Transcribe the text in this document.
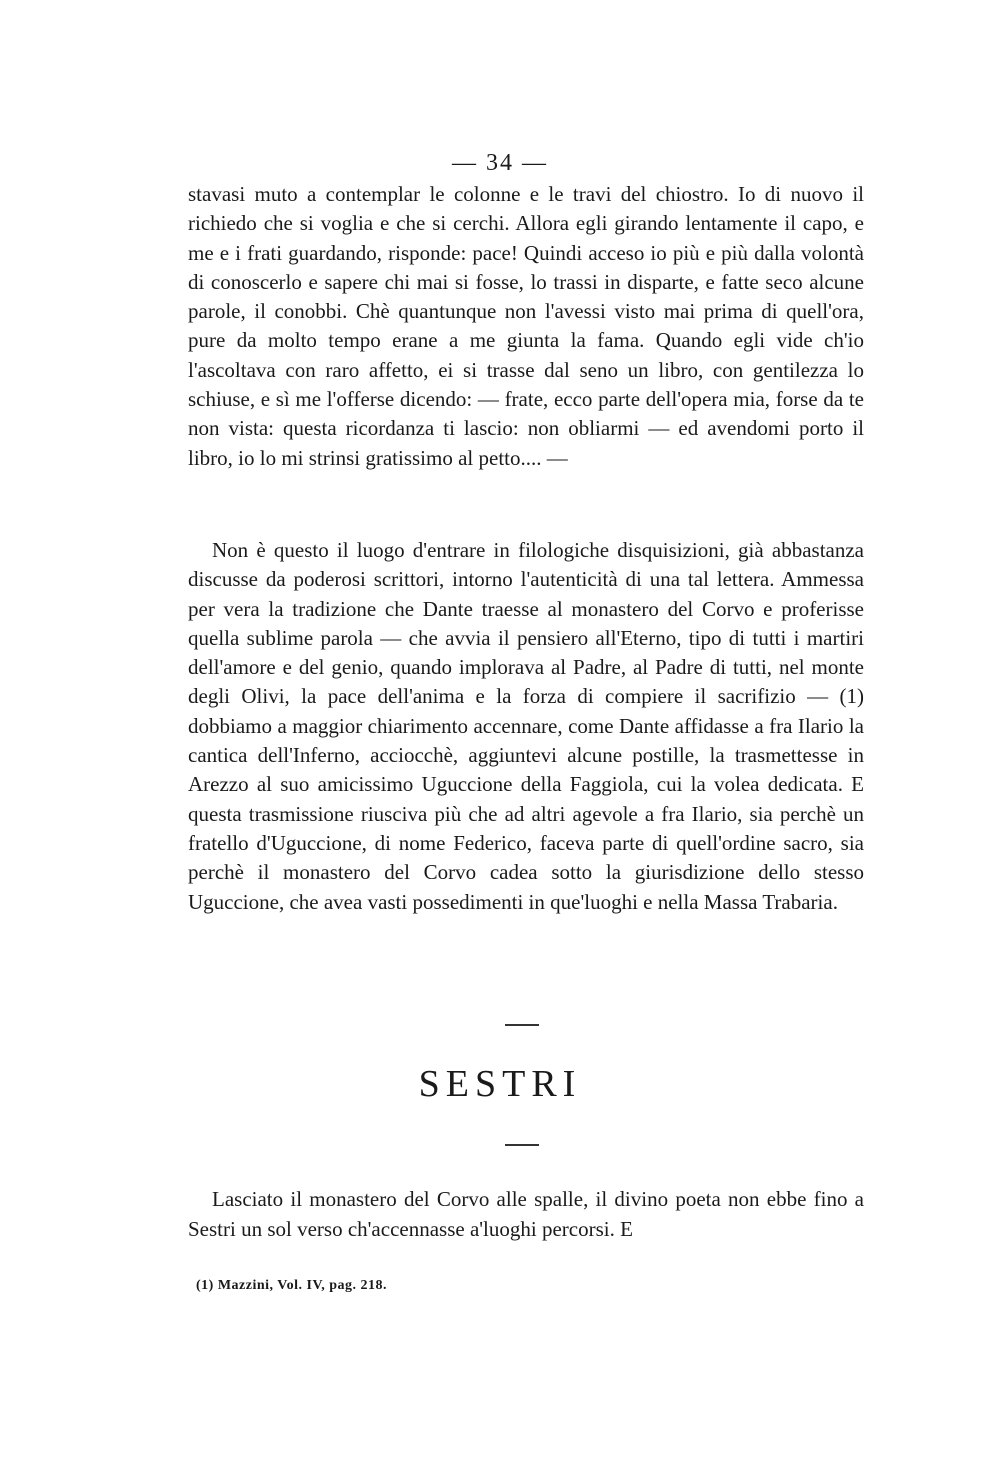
— 34 —

stavasi muto a contemplar le colonne e le travi del chiostro. Io di nuovo il richiedo che si voglia e che si cerchi. Allora egli girando lentamente il capo, e me e i frati guardando, risponde: pace! Quindi acceso io più e più dalla volontà di conoscerlo e sapere chi mai si fosse, lo trassi in disparte, e fatte seco alcune parole, il conobbi. Chè quantunque non l'avessi visto mai prima di quell'ora, pure da molto tempo erane a me giunta la fama. Quando egli vide ch'io l'ascoltava con raro affetto, ei si trasse dal seno un libro, con gentilezza lo schiuse, e sì me l'offerse dicendo: — frate, ecco parte dell'opera mia, forse da te non vista: questa ricordanza ti lascio: non obliarmi — ed avendomi porto il libro, io lo mi strinsi gratissimo al petto.... —

Non è questo il luogo d'entrare in filologiche disquisizioni, già abbastanza discusse da poderosi scrittori, intorno l'autenticità di una tal lettera. Ammessa per vera la tradizione che Dante traesse al monastero del Corvo e proferisse quella sublime parola — che avvia il pensiero all'Eterno, tipo di tutti i martiri dell'amore e del genio, quando implorava al Padre, al Padre di tutti, nel monte degli Olivi, la pace dell'anima e la forza di compiere il sacrifizio — (1) dobbiamo a maggior chiarimento accennare, come Dante affidasse a fra Ilario la cantica dell'Inferno, acciocchè, aggiuntevi alcune postille, la trasmettesse in Arezzo al suo amicissimo Uguccione della Faggiola, cui la volea dedicata. E questa trasmissione riusciva più che ad altri agevole a fra Ilario, sia perchè un fratello d'Uguccione, di nome Federico, faceva parte di quell'ordine sacro, sia perchè il monastero del Corvo cadea sotto la giurisdizione dello stesso Uguccione, che avea vasti possedimenti in que'luoghi e nella Massa Trabaria.

SESTRI

Lasciato il monastero del Corvo alle spalle, il divino poeta non ebbe fino a Sestri un sol verso ch'accennasse a'luoghi percorsi. E

(1) Mazzini, Vol. IV, pag. 218.
